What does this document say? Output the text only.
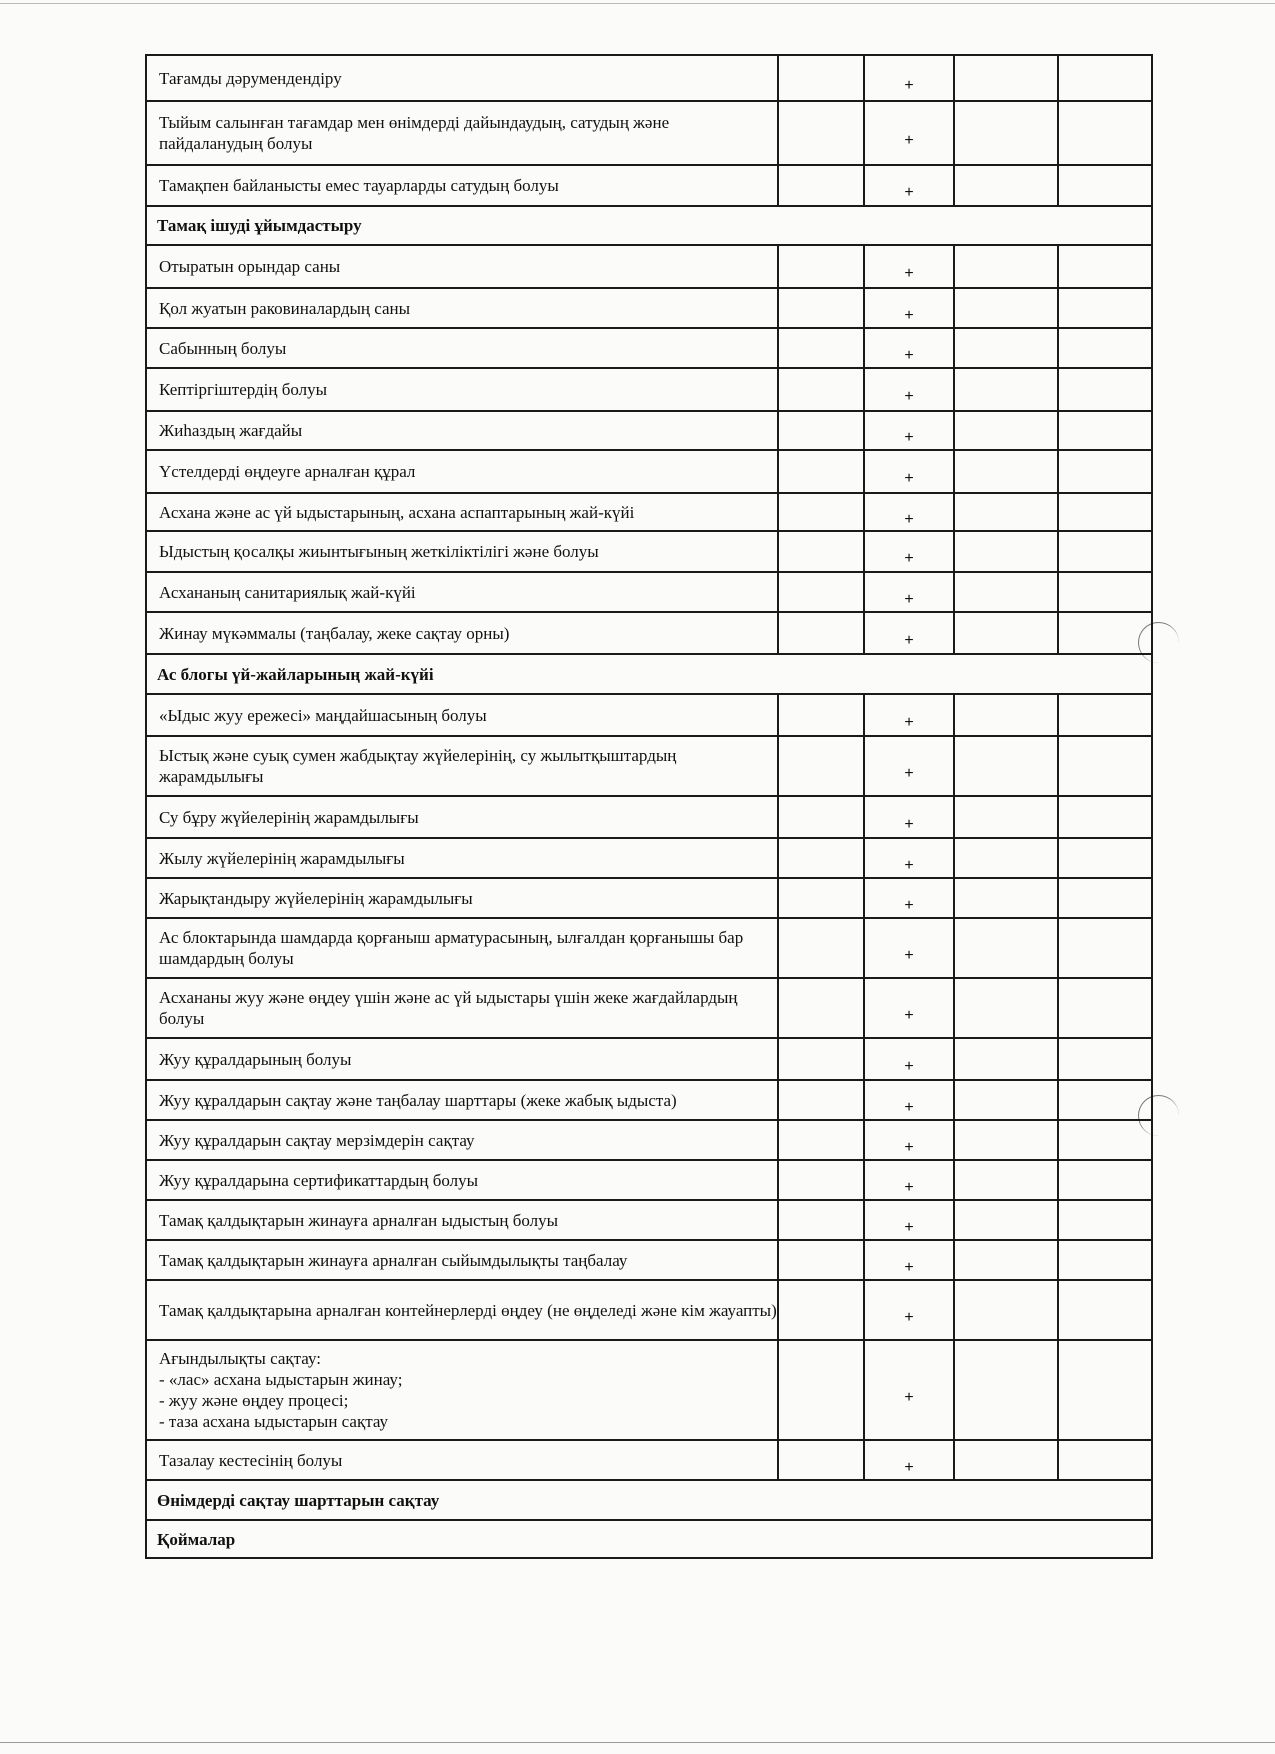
Тағамды дәрумендендіру		+		
Тыйым салынған тағамдар мен өнімдерді дайындаудың, сатудың және пайдаланудың болуы		+		
Тамақпен байланысты емес тауарларды сатудың болуы		+		
Тамақ ішуді ұйымдастыру				
Отыратын орындар саны		+		
Қол жуатын раковиналардың саны		+		
Сабынның болуы		+		
Кептіргіштердің болуы		+		
Жиһаздың жағдайы		+		
Үстелдерді өңдеуге арналған құрал		+		
Асхана және ас үй ыдыстарының, асхана аспаптарының жай-күйі		+		
Ыдыстың қосалқы жиынтығының жеткіліктілігі және болуы		+		
Асхананың санитариялық жай-күйі		+		
Жинау мүкәммалы (таңбалау, жеке сақтау орны)		+		
Ас блогы үй-жайларының жай-күйі				
«Ыдыс жуу ережесі» маңдайшасының болуы		+		
Ыстық және суық сумен жабдықтау жүйелерінің, су жылытқыштардың жарамдылығы		+		
Су бұру жүйелерінің жарамдылығы		+		
Жылу жүйелерінің жарамдылығы		+		
Жарықтандыру жүйелерінің жарамдылығы		+		
Ас блоктарында шамдарда қорғаныш арматурасының, ылғалдан қорғанышы бар шамдардың болуы		+		
Асхананы жуу және өңдеу үшін және ас үй ыдыстары үшін жеке жағдайлардың болуы		+		
Жуу құралдарының болуы		+		
Жуу құралдарын сақтау және таңбалау шарттары (жеке жабық ыдыста)		+		
Жуу құралдарын сақтау мерзімдерін сақтау		+		
Жуу құралдарына сертификаттардың болуы		+		
Тамақ қалдықтарын жинауға арналған ыдыстың болуы		+		
Тамақ қалдықтарын жинауға арналған сыйымдылықты таңбалау		+		
Тамақ қалдықтарына арналған контейнерлерді өңдеу (не өңделеді және кім жауапты)		+		
Ағындылықты сақтау:
- «лас» асхана ыдыстарын жинау;
- жуу және өңдеу процесі;
- таза асхана ыдыстарын сақтау		+		
Тазалау кестесінің болуы		+		
Өнімдерді сақтау шарттарын сақтау				
Қоймалар				
